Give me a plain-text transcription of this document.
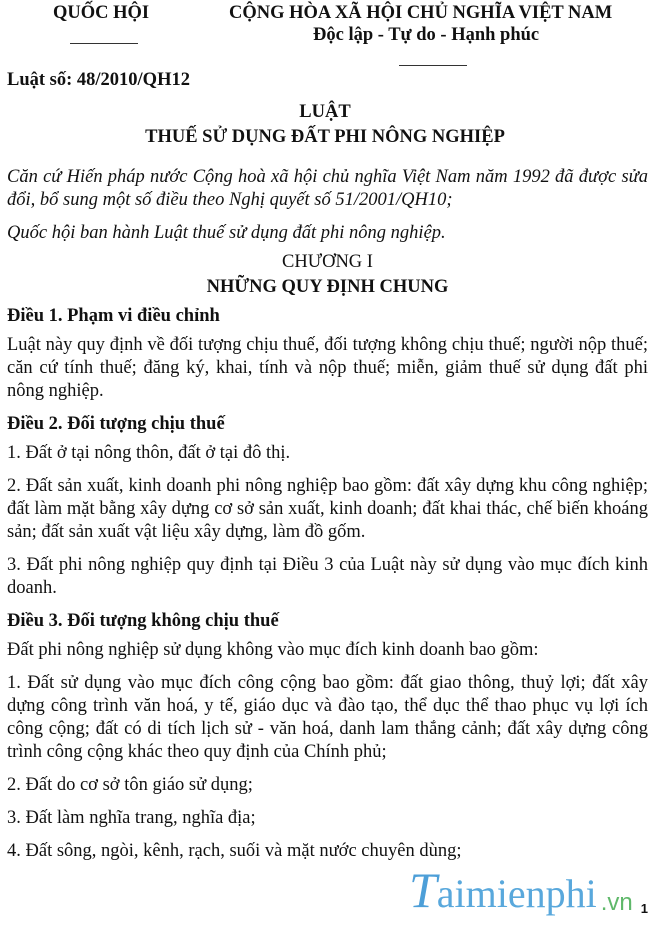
QUỐC HỘI	CỘNG HÒA XÃ HỘI CHỦ NGHĨA VIỆT NAM
Độc lập - Tự do - Hạnh phúc
Luật số: 48/2010/QH12
LUẬT
THUẾ SỬ DỤNG ĐẤT PHI NÔNG NGHIỆP

Căn cứ Hiến pháp nước Cộng hoà xã hội chủ nghĩa Việt Nam năm 1992 đã được sửa đổi, bổ sung một số điều theo Nghị quyết số 51/2001/QH10;

Quốc hội ban hành Luật thuế sử dụng đất phi nông nghiệp.

CHƯƠNG I

NHỮNG QUY ĐỊNH CHUNG

Điều 1. Phạm vi điều chỉnh

Luật này quy định về đối tượng chịu thuế, đối tượng không chịu thuế; người nộp thuế; căn cứ tính thuế; đăng ký, khai, tính và nộp thuế; miễn, giảm thuế sử dụng đất phi nông nghiệp.

Điều 2. Đối tượng chịu thuế

1. Đất ở tại nông thôn, đất ở tại đô thị.

2. Đất sản xuất, kinh doanh phi nông nghiệp bao gồm: đất xây dựng khu công nghiệp; đất làm mặt bằng xây dựng cơ sở sản xuất, kinh doanh; đất khai thác, chế biến khoáng sản; đất sản xuất vật liệu xây dựng, làm đồ gốm.

3. Đất phi nông nghiệp quy định tại Điều 3 của Luật này sử dụng vào mục đích kinh doanh.

Điều 3. Đối tượng không chịu thuế

Đất phi nông nghiệp sử dụng không vào mục đích kinh doanh bao gồm:

1. Đất sử dụng vào mục đích công cộng bao gồm: đất giao thông, thuỷ lợi; đất xây dựng công trình văn hoá, y tế, giáo dục và đào tạo, thể dục thể thao phục vụ lợi ích công cộng; đất có di tích lịch sử - văn hoá, danh lam thắng cảnh; đất xây dựng công trình công cộng khác theo quy định của Chính phủ;

2. Đất do cơ sở tôn giáo sử dụng;

3. Đất làm nghĩa trang, nghĩa địa;

4. Đất sông, ngòi, kênh, rạch, suối và mặt nước chuyên dùng;

Taimienphi .vn 1
